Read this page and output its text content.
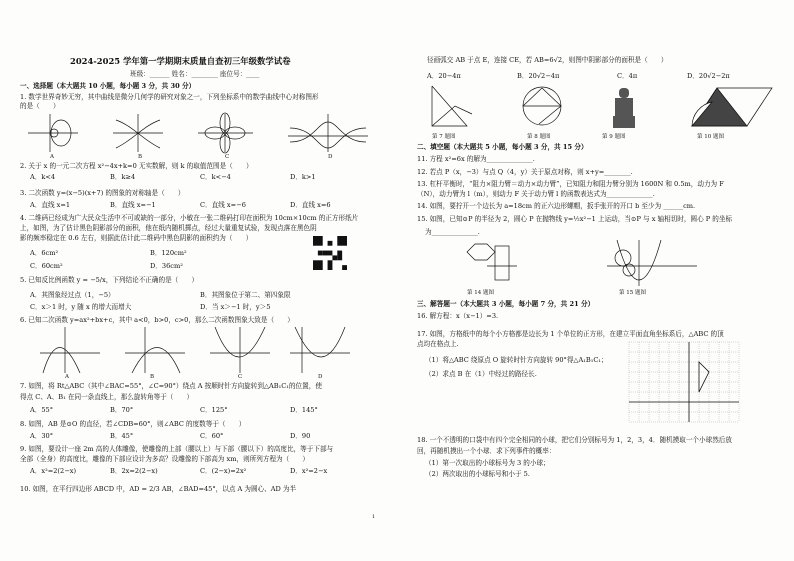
2024-2025 学年第一学期期末质量自查初三年级数学试卷
班级：______ 姓名：________ 座位号：____
一、选择题（本大题共 10 小题，每小题 3 分，共 30 分）
1. 数学世界奇妙无穷，其中曲线是微分几何学的研究对象之一，下列坐标系中的数学曲线中心对称图形
的是（　　）
A	B	C	D
2. 关于 x 的一元二次方程 x²−4x+k=0 无实数解，则 k 的取值范围是（　　）
A．k<4	B．k≥4	C．k<−4	D．k>1
3. 二次函数 y=(x−5)(x+7) 的图象的对称轴是（　　）
A．直线 x=1	B．直线 x=−1	C．直线 x=−6	D．直线 x=6
4. 二维码已经成为广大民众生活中不可或缺的一部分，小敏在一张二维码打印在面积为 10cm×10cm 的正方形纸片
上，如图，为了估计黑色阴影部分的面积，他在纸内随机掷点，经过大量重复试验，发现点落在黑色阴
影的频率稳定在 0.6 左右，则据此估计此二维码中黑色阴影的面积约为（　　）
A．6cm²	B．120cm²
C．60cm²	D．36cm²
5. 已知反比例函数 y = −5/x，下列结论不正确的是（　　）
A．其图象经过点（1，−5）	B．其图象位于第二、第四象限
C．x＞1 时，y 随 x 的增大而增大	D．当 x＞−1 时，y＞5
6. 已知二次函数 y=ax²+bx+c，其中 a<0，b>0，c>0，那么二次函数图象大致是（　　）
A	B	C	D
7. 如图，将 Rt△ABC（其中∠BAC=55°，∠C=90°）绕点 A 按顺时针方向旋转到△AB₁C₁的位置，使
得点 C、A、B₁ 在同一条直线上，那么旋转角等于（　　）
A．55°	B．70°	C．125°	D．145°
8. 如图，AB 是⊙O 的直径，若∠CDB=60°，则∠ABC 的度数等于（　　）
A．30°	B．45°	C．60°	D．90
9. 如图，要设计一座 2m 高的人体雕像，使雕像的上部（腰以上）与下部（腰以下）的高度比，等于下部与
全部（全身）的高度比，雕像的下部应设计为多高？设雕像的下部高为 xm，则所列方程为（　　）
A．x²=2(2−x)	B．2x=2(2−x)	C．(2−x)=2x²	D．x²=2−x
10. 如图，在平行四边形 ABCD 中，AD = 2/3 AB，∠BAD=45°，以点 A 为圆心、AD 为半
径画弧交 AB 于点 E，连接 CE，若 AB=6√2，则图中阴影部分的面积是（　　）
A．20−4π	B．20√2−4π	C．4π	D．20√2−2π
第 7 题图	第 8 题图	第 9 题图	第 10 题图
二、填空题（本大题共 5 小题，每小题 3 分，共 15 分）
11. 方程 x²=6x 的解为______________.
12. 若点 P（x，−3）与点 Q（4，y）关于原点对称，则 x+y=________.
13. 杠杆平衡时，“阻力×阻力臂＝动力×动力臂”，已知阻力和阻力臂分别为 1600N 和 0.5m，动力为 F
（N），动力臂为 l（m），则动力 F 关于动力臂 l 的函数表达式为______________.
14. 如图，要拧开一个边长为 a=18cm 的正六边形螺帽，扳手张开的开口 b 至少为 ______cm.
15. 如图，已知⊙P 的半径为 2，圆心 P 在抛物线 y=½x²−1 上运动，当⊙P 与 x 轴相切时，圆心 P 的坐标
为______________.
第 14 题图	第 15 题图
三、解答题一（本大题共 3 小题，每小题 7 分，共 21 分）
16. 解方程：x（x−1）=3.
17. 如图，方格纸中的每个小方格都是边长为 1 个单位的正方形，在建立平面直角坐标系后，△ABC 的顶
点均在格点上.
（1）将△ABC 绕原点 O 旋转时针方向旋转 90°得△A₁B₁C₁；
（2）求点 B 在（1）中经过的路径长.
18. 一个不透明的口袋中有四个完全相同的小球，把它们分别标号为 1，2，3，4．随机摸取一个小球然后放
回，再随机摸出一个小球．求下列事件的概率：
（1）第一次取出的小球标号为 3 的小球；
（2）两次取出的小球标号和小于 5.
1
